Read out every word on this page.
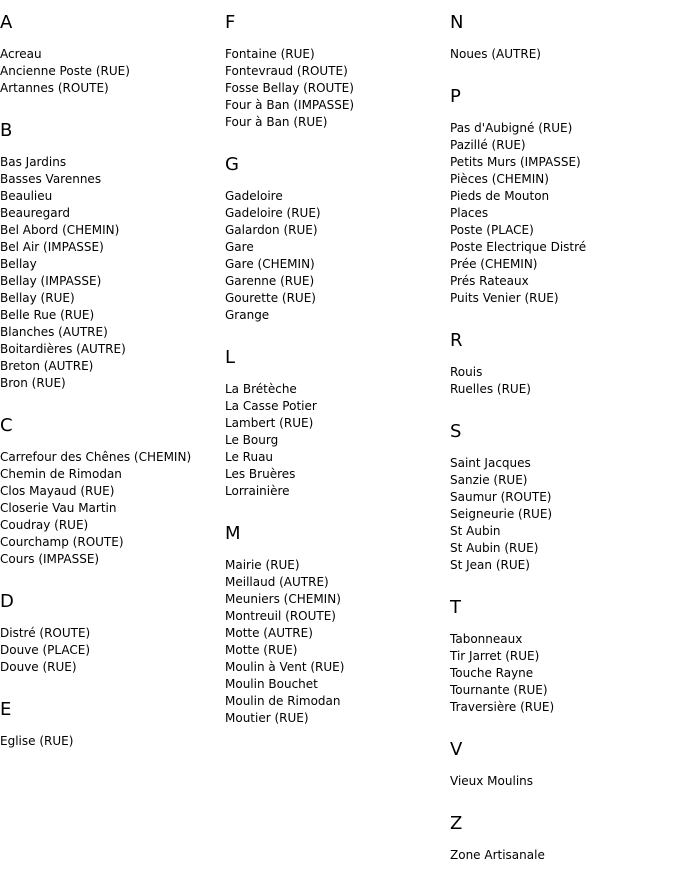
A
Acreau
Ancienne Poste (RUE)
Artannes (ROUTE)
B
Bas Jardins
Basses Varennes
Beaulieu
Beauregard
Bel Abord (CHEMIN)
Bel Air (IMPASSE)
Bellay
Bellay (IMPASSE)
Bellay (RUE)
Belle Rue (RUE)
Blanches (AUTRE)
Boitardières (AUTRE)
Breton (AUTRE)
Bron (RUE)
C
Carrefour des Chênes (CHEMIN)
Chemin de Rimodan
Clos Mayaud (RUE)
Closerie Vau Martin
Coudray (RUE)
Courchamp (ROUTE)
Cours (IMPASSE)
D
Distré (ROUTE)
Douve (PLACE)
Douve (RUE)
E
Eglise (RUE)
F
Fontaine (RUE)
Fontevraud (ROUTE)
Fosse Bellay (ROUTE)
Four à Ban (IMPASSE)
Four à Ban (RUE)
G
Gadeloire
Gadeloire (RUE)
Galardon (RUE)
Gare
Gare (CHEMIN)
Garenne (RUE)
Gourette (RUE)
Grange
L
La Brétèche
La Casse Potier
Lambert (RUE)
Le Bourg
Le Ruau
Les Bruères
Lorrainière
M
Mairie (RUE)
Meillaud (AUTRE)
Meuniers (CHEMIN)
Montreuil (ROUTE)
Motte (AUTRE)
Motte (RUE)
Moulin à Vent (RUE)
Moulin Bouchet
Moulin de Rimodan
Moutier (RUE)
N
Noues (AUTRE)
P
Pas d'Aubigné (RUE)
Pazillé (RUE)
Petits Murs (IMPASSE)
Pièces (CHEMIN)
Pieds de Mouton
Places
Poste (PLACE)
Poste Electrique Distré
Prée (CHEMIN)
Prés Rateaux
Puits Venier (RUE)
R
Rouis
Ruelles (RUE)
S
Saint Jacques
Sanzie (RUE)
Saumur (ROUTE)
Seigneurie (RUE)
St Aubin
St Aubin (RUE)
St Jean (RUE)
T
Tabonneaux
Tir Jarret (RUE)
Touche Rayne
Tournante (RUE)
Traversière (RUE)
V
Vieux Moulins
Z
Zone Artisanale
